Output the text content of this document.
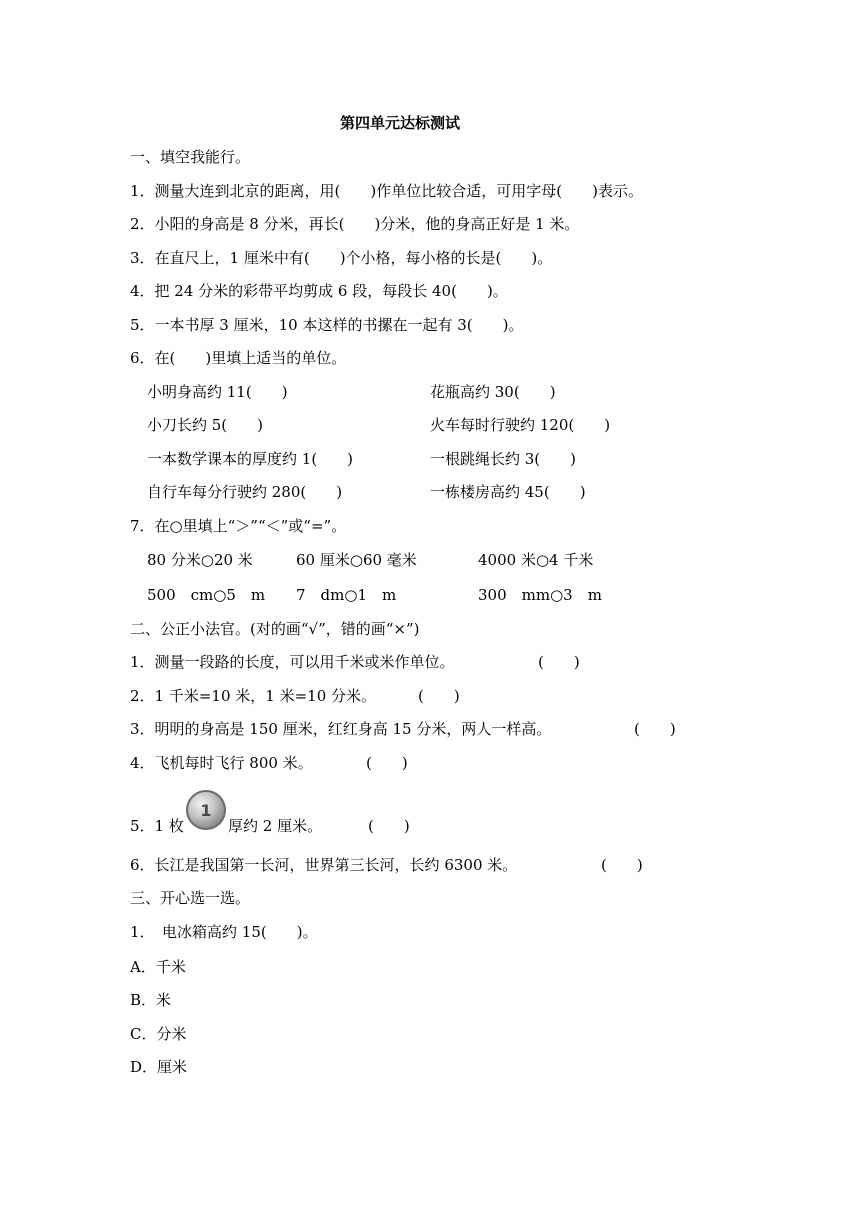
第四单元达标测试
一、填空我能行。
1．测量大连到北京的距离，用(　　)作单位比较合适，可用字母(　　)表示。
2．小阳的身高是 8 分米，再长(　　)分米，他的身高正好是 1 米。
3．在直尺上，1 厘米中有(　　)个小格，每小格的长是(　　)。
4．把 24 分米的彩带平均剪成 6 段，每段长 40(　　)。
5．一本书厚 3 厘米，10 本这样的书摞在一起有 3(　　)。
6．在(　　)里填上适当的单位。
小明身高约 11(　　)	花瓶高约 30(　　)
小刀长约 5(　　)	火车每时行驶约 120(　　)
一本数学课本的厚度约 1(　　)	一根跳绳长约 3(　　)
自行车每分行驶约 280(　　)	一栋楼房高约 45(　　)
7．在○里填上“＞”“＜”或“=”。
80 分米○20 米	60 厘米○60 毫米	4000 米○4 千米
500　cm○5　m 7　dm○1　m	300　mm○3　m
二、公正小法官。(对的画“√”，错的画“×”)
1．测量一段路的长度，可以用千米或米作单位。	(　　)
2．1 千米=10 米，1 米=10 分米。	(　　)
3．明明的身高是 150 厘米，红红身高 15 分米，两人一样高。	(　　)
4．飞机每时飞行 800 米。	(　　)
5．1 枚
1
厚约 2 厘米。	(　　)
6．长江是我国第一长河，世界第三长河，长约 6300 米。	(　　)
三、开心选一选。
1．　电冰箱高约 15(　　)。
A．千米
B．米
C．分米
D．厘米
